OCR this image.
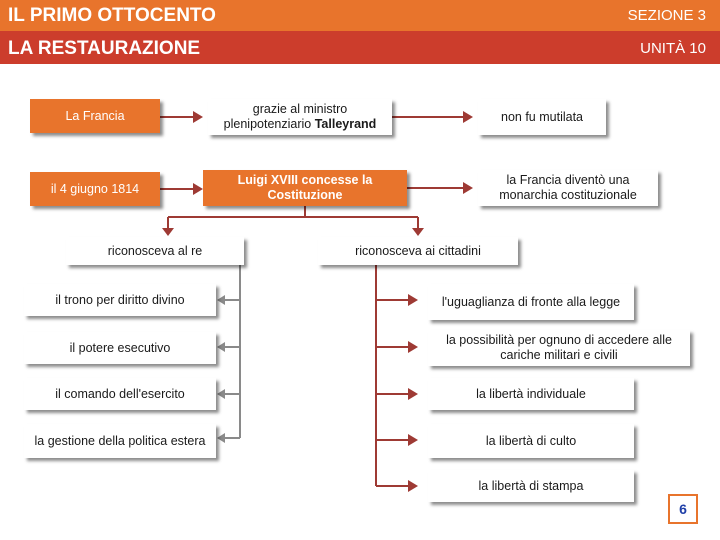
IL PRIMO OTTOCENTO	SEZIONE 3
LA RESTAURAZIONE	UNITÀ 10
La Francia	grazie al ministro
plenipotenziario Talleyrand
non fu mutilata
il 4 giugno 1814
Luigi XVIII concesse la Costituzione
la Francia diventò una monarchia costituzionale
riconosceva al re	riconosceva ai cittadini
il trono per diritto divino
il potere esecutivo
il comando dell'esercito
la gestione della politica estera
l'uguaglianza di fronte alla legge
la possibilità per ognuno di accedere alle cariche militari e civili
la libertà individuale
la libertà di culto
la libertà di stampa
6
